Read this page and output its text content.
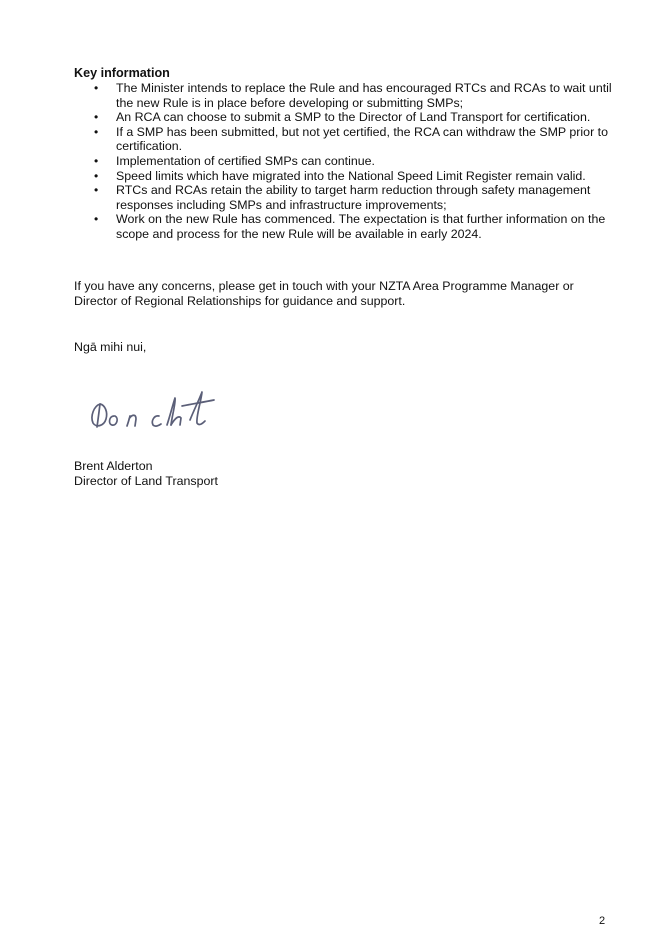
Key information
• The Minister intends to replace the Rule and has encouraged RTCs and RCAs to wait until the new Rule is in place before developing or submitting SMPs;
• An RCA can choose to submit a SMP to the Director of Land Transport for certification.
• If a SMP has been submitted, but not yet certified, the RCA can withdraw the SMP prior to certification.
• Implementation of certified SMPs can continue.
• Speed limits which have migrated into the National Speed Limit Register remain valid.
• RTCs and RCAs retain the ability to target harm reduction through safety management responses including SMPs and infrastructure improvements;
• Work on the new Rule has commenced. The expectation is that further information on the scope and process for the new Rule will be available in early 2024.

If you have any concerns, please get in touch with your NZTA Area Programme Manager or Director of Regional Relationships for guidance and support.

Ngā mihi nui,

Brent Alderton

Director of Land Transport

2
